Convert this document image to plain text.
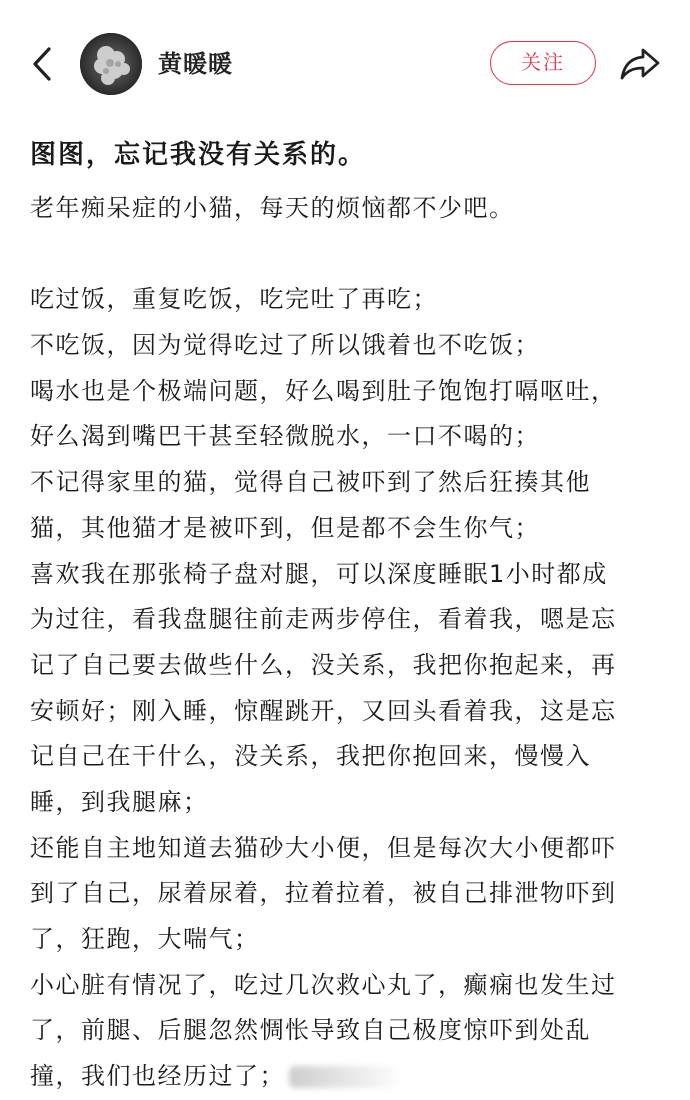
黄暖暖	关注
图图，忘记我没有关系的。
老年痴呆症的小猫，每天的烦恼都不少吧。
吃过饭，重复吃饭，吃完吐了再吃；
不吃饭，因为觉得吃过了所以饿着也不吃饭；
喝水也是个极端问题，好么喝到肚子饱饱打嗝呕吐，
好么渴到嘴巴干甚至轻微脱水，一口不喝的；
不记得家里的猫，觉得自己被吓到了然后狂揍其他
猫，其他猫才是被吓到，但是都不会生你气；
喜欢我在那张椅子盘对腿，可以深度睡眠1小时都成
为过往，看我盘腿往前走两步停住，看着我，嗯是忘
记了自己要去做些什么，没关系，我把你抱起来，再
安顿好；刚入睡，惊醒跳开，又回头看着我，这是忘
记自己在干什么，没关系，我把你抱回来，慢慢入
睡，到我腿麻；
还能自主地知道去猫砂大小便，但是每次大小便都吓
到了自己，尿着尿着，拉着拉着，被自己排泄物吓到
了，狂跑，大喘气；
小心脏有情况了，吃过几次救心丸了，癫痫也发生过
了，前腿、后腿忽然惆怅导致自己极度惊吓到处乱
撞，我们也经历过了；
